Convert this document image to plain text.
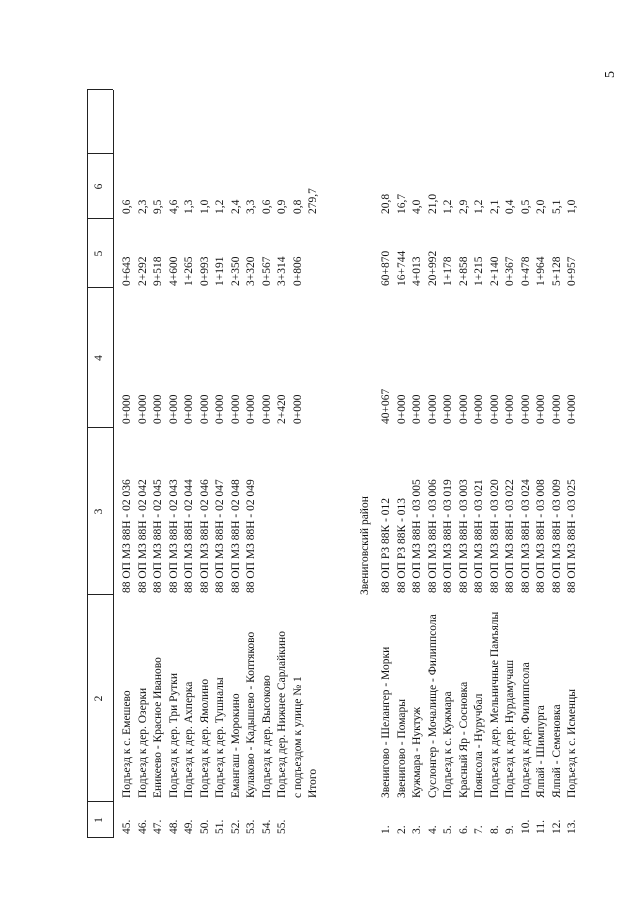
5
1
2
3
4
5
6
45.
Подъезд к с. Емешево
88 ОП МЗ 88Н - 02 036
0+000
0+643
0,6
46.
Подъезд к дер. Озерки
88 ОП МЗ 88Н - 02 042
0+000
2+292
2,3
47.
Еникеево - Красное Иваново
88 ОП МЗ 88Н - 02 045
0+000
9+518
9,5
48.
Подъезд к дер. Три Рутки
88 ОП МЗ 88Н - 02 043
0+000
4+600
4,6
49.
Подъезд к дер. Ахперка
88 ОП МЗ 88Н - 02 044
0+000
1+265
1,3
50.
Подъезд к дер. Ямолино
88 ОП МЗ 88Н - 02 046
0+000
0+993
1,0
51.
Подъезд к дер. Тушналы
88 ОП МЗ 88Н - 02 047
0+000
1+191
1,2
52.
Емангаш - Морокино
88 ОП МЗ 88Н - 02 048
0+000
2+350
2,4
53.
Кулаково - Кадышево - Коптяково
88 ОП МЗ 88Н - 02 049
0+000
3+320
3,3
54.
Подъезд к дер. Высоково
0+000
0+567
0,6
55.
Подъезд дер. Нижнее Сарлайкино
2+420
3+314
0,9
с подъездом к улице № 1
0+000
0+806
0,8
Итого
279,7
Звениговский район
1.
Звенигово - Шелангер - Морки
88 ОП РЗ 88К - 012
40+067
60+870
20,8
2.
Звенигово - Помары
88 ОП РЗ 88К - 013
0+000
16+744
16,7
3.
Кужмара - Нуктуж
88 ОП МЗ 88Н - 03 005
0+000
4+013
4,0
4.
Суслонгер - Мочалище - Филиппсола
88 ОП МЗ 88Н - 03 006
0+000
20+992
21,0
5.
Подъезд к с. Кужмара
88 ОП МЗ 88Н - 03 019
0+000
1+178
1,2
6.
Красный Яр - Сосновка
88 ОП МЗ 88Н - 03 003
0+000
2+858
2,9
7.
Поянсола - Нуручбал
88 ОП МЗ 88Н - 03 021
0+000
1+215
1,2
8.
Подъезд к дер. Мельничные Памъялы
88 ОП МЗ 88Н - 03 020
0+000
2+140
2,1
9.
Подъезд к дер. Нурдамучаш
88 ОП МЗ 88Н - 03 022
0+000
0+367
0,4
10.
Подъезд к дер. Филиппсола
88 ОП МЗ 88Н - 03 024
0+000
0+478
0,5
11.
Ялпай - Шимпурга
88 ОП МЗ 88Н - 03 008
0+000
1+964
2,0
12.
Ялпай - Семеновка
88 ОП МЗ 88Н - 03 009
0+000
5+128
5,1
13.
Подъезд к с. Исменцы
88 ОП МЗ 88Н - 03 025
0+000
0+957
1,0
